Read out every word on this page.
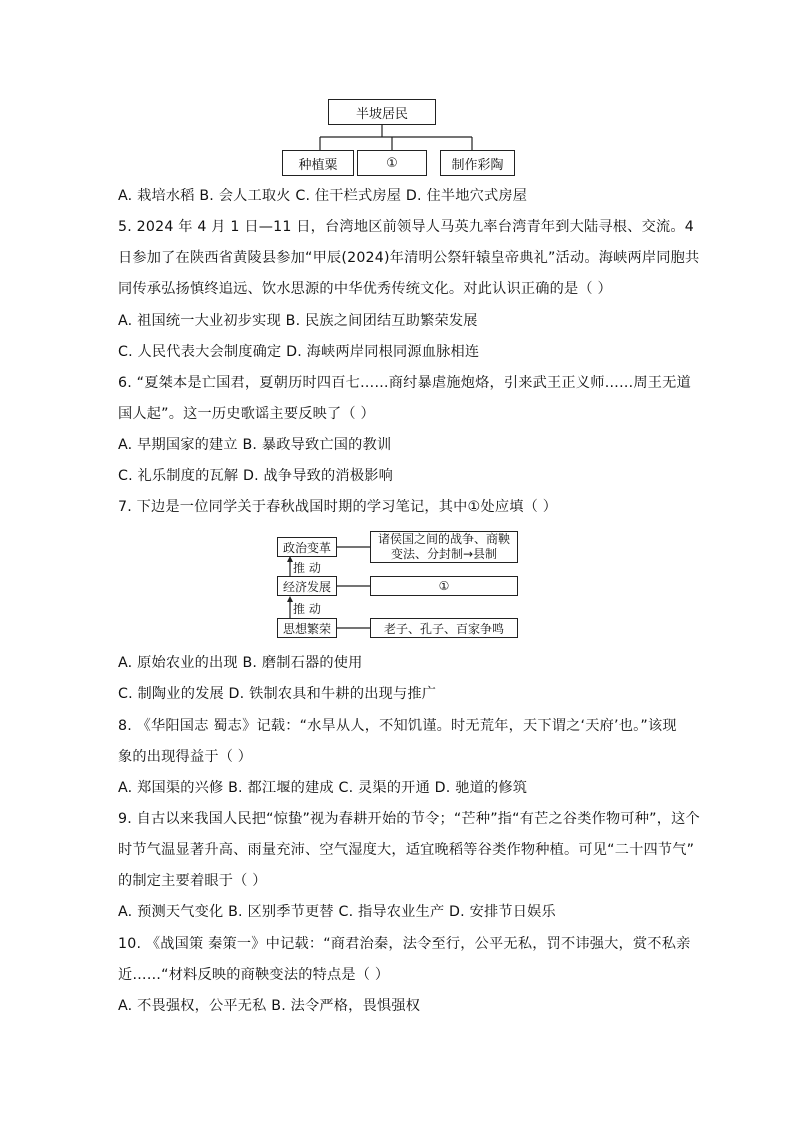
半坡居民
种植粟	①	制作彩陶
A. 栽培水稻 B. 会人工取火 C. 住干栏式房屋 D. 住半地穴式房屋
5. 2024 年 4 月 1 日—11 日，台湾地区前领导人马英九率台湾青年到大陆寻根、交流。4
日参加了在陕西省黄陵县参加“甲辰(2024)年清明公祭轩辕皇帝典礼”活动。海峡两岸同胞共
同传承弘扬慎终追远、饮水思源的中华优秀传统文化。对此认识正确的是（ ）
A. 祖国统一大业初步实现 B. 民族之间团结互助繁荣发展
C. 人民代表大会制度确定 D. 海峡两岸同根同源血脉相连
6. “夏桀本是亡国君，夏朝历时四百七……商纣暴虐施炮烙，引来武王正义师……周王无道
国人起”。这一历史歌谣主要反映了（ ）
A. 早期国家的建立 B. 暴政导致亡国的教训
C. 礼乐制度的瓦解 D. 战争导致的消极影响
7. 下边是一位同学关于春秋战国时期的学习笔记，其中①处应填（ ）
政治变革
推 动
经济发展
推 动
思想繁荣
诸侯国之间的战争、商鞅
变法、分封制→县制
①
老子、孔子、百家争鸣
A. 原始农业的出现 B. 磨制石器的使用
C. 制陶业的发展 D. 铁制农具和牛耕的出现与推广
8. 《华阳国志 蜀志》记载：“水旱从人，不知饥谨。时无荒年，天下谓之‘天府’也。”该现
象的出现得益于（ ）
A. 郑国渠的兴修 B. 都江堰的建成 C. 灵渠的开通 D. 驰道的修筑
9. 自古以来我国人民把“惊蛰”视为春耕开始的节令；“芒种”指“有芒之谷类作物可种”，这个
时节气温显著升高、雨量充沛、空气湿度大，适宜晚稻等谷类作物种植。可见“二十四节气”
的制定主要着眼于（ ）
A. 预测天气变化 B. 区别季节更替 C. 指导农业生产 D. 安排节日娱乐
10. 《战国策 秦策一》中记载：“商君治秦，法令至行，公平无私，罚不讳强大，赏不私亲
近……“材料反映的商鞅变法的特点是（ ）
A. 不畏强权，公平无私 B. 法令严格，畏惧强权
